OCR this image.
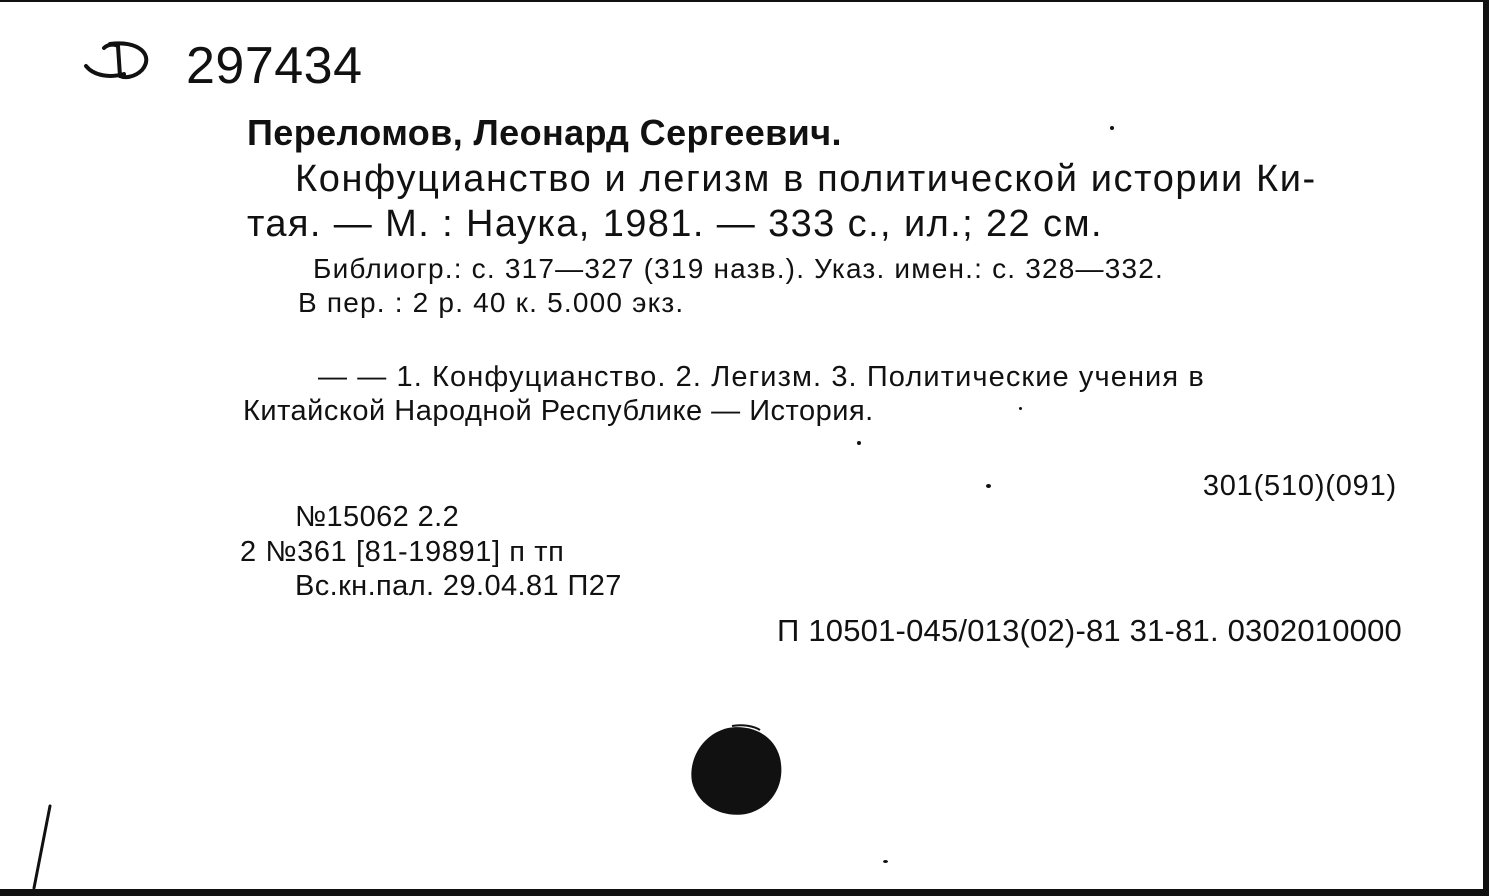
297434
Переломов, Леонард Сергеевич.
Конфуцианство и легизм в политической истории Ки-
тая. — М. : Наука, 1981. — 333 с., ил.; 22 см.
Библиогр.: с. 317—327 (319 назв.). Указ. имен.: с. 328—332.
В пер. : 2 р. 40 к. 5.000 экз.
— — 1. Конфуцианство. 2. Легизм. 3. Политические учения в
Китайской Народной Республике — История.
301(510)(091)
№15062 2.2
2 №361 [81-19891] п тп
Вс.кн.пал. 29.04.81 П27
П 10501-045/013(02)-81 31-81. 0302010000
